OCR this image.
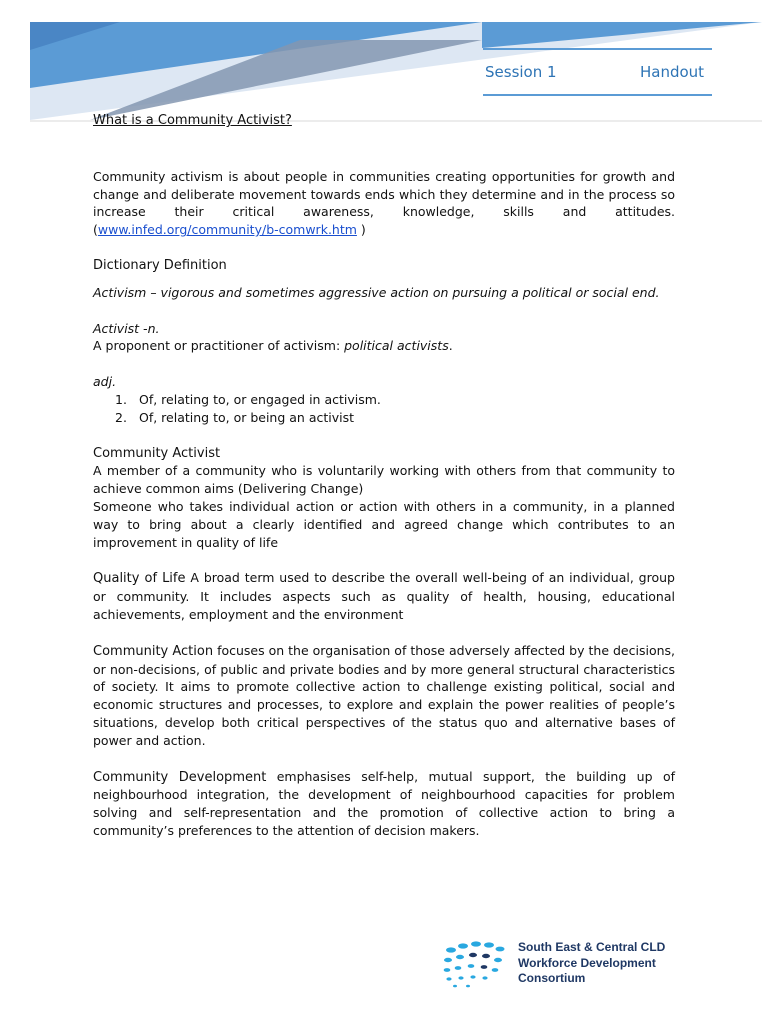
Session 1	Handout

What is a Community Activist?

Community activism is about people in communities creating opportunities for growth and change and deliberate movement towards ends which they determine and in the process so increase their critical awareness, knowledge, skills and attitudes. (www.infed.org/community/b-comwrk.htm )

Dictionary Definition

Activism – vigorous and sometimes aggressive action on pursuing a political or social end.

Activist -n.

A proponent or practitioner of activism: political activists.

adj.

1. Of, relating to, or engaged in activism.
2. Of, relating to, or being an activist

Community Activist

A member of a community who is voluntarily working with others from that community to achieve common aims (Delivering Change)

Someone who takes individual action or action with others in a community, in a planned way to bring about a clearly identified and agreed change which contributes to an improvement in quality of life

Quality of Life A broad term used to describe the overall well-being of an individual, group or community. It includes aspects such as quality of health, housing, educational achievements, employment and the environment

Community Action focuses on the organisation of those adversely affected by the decisions, or non-decisions, of public and private bodies and by more general structural characteristics of society. It aims to promote collective action to challenge existing political, social and economic structures and processes, to explore and explain the power realities of people’s situations, develop both critical perspectives of the status quo and alternative bases of power and action.

Community Development emphasises self-help, mutual support, the building up of neighbourhood integration, the development of neighbourhood capacities for problem solving and self-representation and the promotion of collective action to bring a community’s preferences to the attention of decision makers.

South East & Central CLD
Workforce Development
Consortium
